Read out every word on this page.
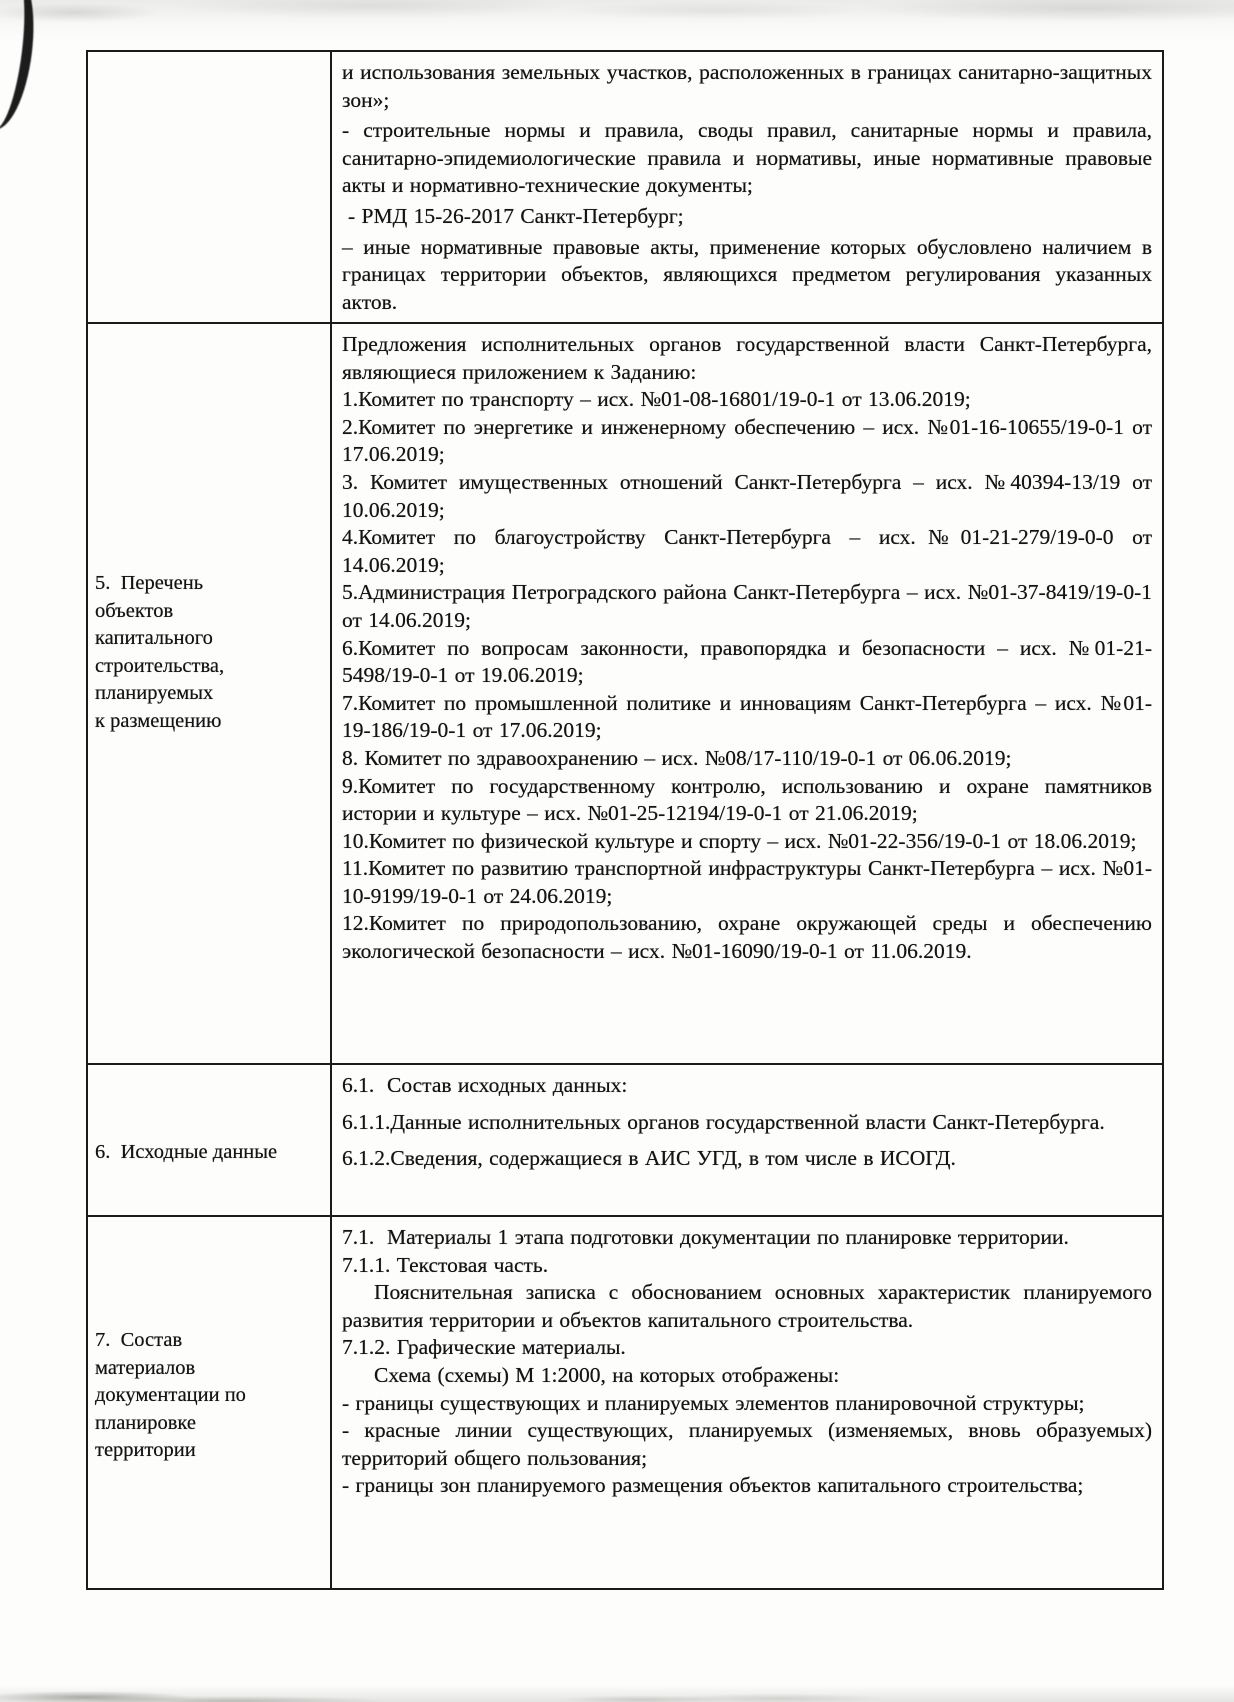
и использования земельных участков, расположенных в границах санитарно-защитных зон»;

- строительные нормы и правила, своды правил, санитарные нормы и правила, санитарно-эпидемиологические правила и нормативы, иные нормативные правовые акты и нормативно-технические документы;

- РМД 15-26-2017 Санкт-Петербург;

– иные нормативные правовые акты, применение которых обусловлено наличием в границах территории объектов, являющихся предметом регулирования указанных актов.

5.  Перечень
объектов
капитального
строительства,
планируемых
к размещению

Предложения исполнительных органов государственной власти Санкт-Петербурга, являющиеся приложением к Заданию:

1.Комитет по транспорту – исх. №01-08-16801/19-0-1 от 13.06.2019;

2.Комитет по энергетике и инженерному обеспечению – исх. №01-16-10655/19-0-1 от 17.06.2019;

3. Комитет имущественных отношений Санкт-Петербурга – исх. №40394-13/19 от 10.06.2019;

4.Комитет по благоустройству Санкт-Петербурга – исх.№01-21-279/19-0-0 от 14.06.2019;

5.Администрация Петроградского района Санкт-Петербурга – исх. №01-37-8419/19-0-1 от 14.06.2019;

6.Комитет по вопросам законности, правопорядка и безопасности – исх. №01-21-5498/19-0-1 от 19.06.2019;

7.Комитет по промышленной политике и инновациям Санкт-Петербурга – исх. №01-19-186/19-0-1 от 17.06.2019;

8. Комитет по здравоохранению – исх. №08/17-110/19-0-1 от 06.06.2019;

9.Комитет по государственному контролю, использованию и охране памятников истории и культуре – исх. №01-25-12194/19-0-1 от 21.06.2019;

10.Комитет по физической культуре и спорту – исх. №01-22-356/19-0-1 от 18.06.2019;

11.Комитет по развитию транспортной инфраструктуры Санкт-Петербурга – исх. №01-10-9199/19-0-1 от 24.06.2019;

12.Комитет по природопользованию, охране окружающей среды и обеспечению экологической безопасности – исх. №01-16090/19-0-1 от 11.06.2019.

6.  Исходные данные

6.1.  Состав исходных данных:

6.1.1.Данные исполнительных органов государственной власти Санкт-Петербурга.

6.1.2.Сведения, содержащиеся в АИС УГД, в том числе в ИСОГД.

7.  Состав
материалов
документации по
планировке
территории

7.1.  Материалы 1 этапа подготовки документации по планировке территории.

7.1.1. Текстовая часть.

Пояснительная записка с обоснованием основных характеристик планируемого развития территории и объектов капитального строительства.

7.1.2. Графические материалы.

Схема (схемы) М 1:2000, на которых отображены:

- границы существующих и планируемых элементов планировочной структуры;

- красные линии существующих, планируемых (изменяемых, вновь образуемых) территорий общего пользования;

- границы зон планируемого размещения объектов капитального строительства;
